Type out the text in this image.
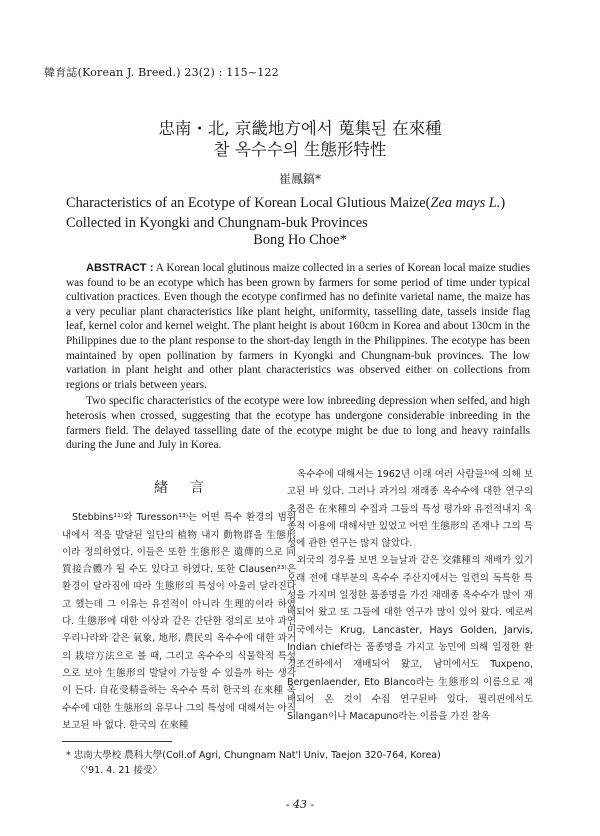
韓育誌(Korean J. Breed.) 23(2) : 115~122
忠南・北, 京畿地方에서 蒐集된 在來種
찰 옥수수의 生態形特性
崔鳳鎬*
Characteristics of an Ecotype of Korean Local Glutious Maize(Zea mays L.)
Collected in Kyongki and Chungnam-buk Provinces
Bong Ho Choe*

ABSTRACT : A Korean local glutinous maize collected in a series of Korean local maize studies was found to be an ecotype which has been grown by farmers for some period of time under typical cultivation practices. Even though the ecotype confirmed has no definite varietal name, the maize has a very peculiar plant characteristics like plant height, uniformity, tasselling date, tassels inside flag leaf, kernel color and kernel weight. The plant height is about 160cm in Korea and about 130cm in the Philippines due to the plant response to the short-day length in the Philippines. The ecotype has been maintained by open pollination by farmers in Kyongki and Chungnam-buk provinces. The low variation in plant height and other plant characteristics was observed either on collections from regions or trials between years.

Two specific characteristics of the ecotype were low inbreeding depression when selfed, and high heterosis when crossed, suggesting that the ecotype has undergone considerable inbreeding in the farmers field. The delayed tasselling date of the ecotype might be due to long and heavy rainfalls during the June and July in Korea.

緖言

Stebbins¹¹⁾와 Turesson¹³⁾는 어떤 특수 환경의 범위내에서 적응 발달된 일단의 植物 내지 動物群을 生態形이라 정의하였다. 이들은 또한 生態形은 遺傳的으로 同質接合體가 될 수도 있다고 하였다. 또한 Clausen²³⁾은 환경이 달라짐에 따라 生態形의 특성이 아울러 달라진다고 했는데 그 이유는 유전적이 아니라 生理的이라 하였다. 生態形에 대한 이상과 같은 간단한 정의로 보아 과연 우리나라와 같은 氣象, 地形, 農民의 옥수수에 대한 과거의 栽培方法으로 볼 때, 그리고 옥수수의 식물학적 특성으로 보아 生態形의 발달이 가능할 수 있을까 하는 생각이 든다. 自花受精을하는 옥수수 특히 한국의 在來種 옥수수에 대한 生態形의 유무나 그의 특성에 대해서는 아직 보고된 바 없다. 한국의 在來種

옥수수에 대해서는 1962년 이래 여러 사람들¹⁾에 의해 보고된 바 있다. 그러나 과거의 재래종 옥수수에 대한 연구의 초점은 在來種의 수집과 그들의 특성 평가와 유전적내지 육종적 이용에 대해서만 있었고 어떤 生態形의 존재나 그의 특성에 관한 연구는 많지 않았다.

외국의 경우를 보면 오늘날과 같은 交雜種의 재배가 있기 오래 전에 대부분의 옥수수 주산지에서는 일련의 독특한 특성을 가지며 일정한 품종명을 가진 재래종 옥수수가 많이 재배되어 왔고 또 그들에 대한 연구가 많이 있어 왔다. 예로써 미국에서는 Krug, Lancaster, Hays Golden, Jarvis, Indian chief라는 품종명을 가지고 농민에 의해 일정한 환경조건하에서 재배되어 왔고, 남미에서도 Tuxpeno, Bergenlaender, Eto Blanco라는 生態形의 이름으로 재배되어 온 것이 수집 연구된바 있다. 필리핀에서도 Silangan이나 Macapuno라는 이름을 가진 찰옥

* 忠南大學校 農科大學(Coll.of Agri, Chungnam Nat'l Univ, Taejon 320-764, Korea)
〈'91. 4. 21 接受〉
- 43 -
